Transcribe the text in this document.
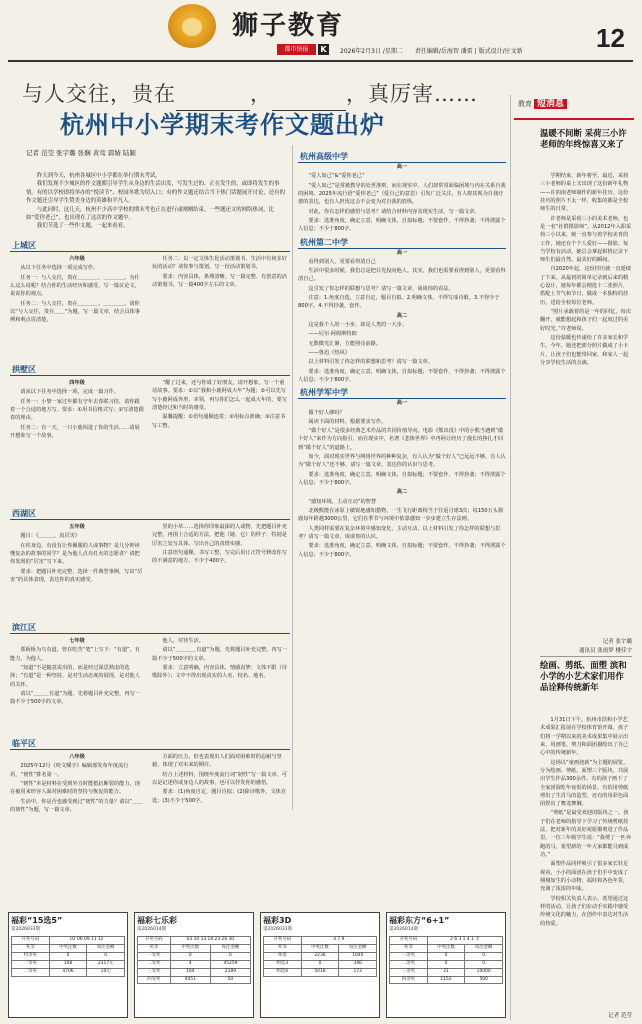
狮子教育
都市快报	K	2026年2月3日 /星期二　　责任编辑/岳海智 潘雷 | 版式设计/庄文新	12
与人交往，贵在	，	，真厉害……
杭州中小学期末考作文题出炉
记者 范莹 张宇璐 张娴 黄鸾 郭婧 陆颖

昨天到今天，杭州各城区中小学都在举行期末考试。

我们发现不少城区的作文题都引导学生从身边的生活出发，写发生过的、正在发生的，或即将发生的事情。有的以学校即将举办的“悦读节”、校园冬歌为切入口；有的作文题还结合当下热门话题展开讨论，还有的作文题还引导学生赞美身边的英雄和平凡人。

与此同时，这几天，杭州不少高中学校的期末考也正在进行或刚刚结束。一些题还文的网络热词，比如“爱你老己”，也出现在了这次的作文题中。

我们节选了一些作文题，一起来看看。

上城区

六年级

从以下任务中选择一项完成写作。

任务一：与人交往，贵在＿＿＿＿、＿＿＿＿。为什么这么说呢？结合你的生活经历和感受，写一篇议论文，说说你的观点。

任务二：与人交往，贵在＿＿＿＿、＿＿＿＿。请你以“与人交往，贵在＿＿”为题，写一篇文章，结合具体事例和观点说清楚。

任务二：以一定文体生化活动策划书，生活中有何多好玩的活动？请你参与策划，写一份活动策划书。

要求：内容具体，条理清晰，写一篇完整、有创意的活动策划书，写一篇400字左右的文章。

拱墅区

四年级

请从以下任务中选择一项，完成一篇习作。

任务一：小黎一家过年都有守年去春联习俗，请你跟着一个合适的地方写。要求：①用书信格式写；②写清楚跟春的理由。

任务二：有一天，一只小鹿闯进了你的生活……请展开想象写一个故事。

“醒了过来，还与你成了好朋友。请开想象，写一个童话故事。要求：①以“我和小鹿阿成大年”为题；②可以先写写小鹿阿成外形，本领，再写你们怎么一起成大年的，要写清楚经过和当时的感受。

温馨提醒：①语句通顺连贯；②用标点准确；③注意书写工整。

西湖区

五年级

题目：《＿＿＿，真厉害》

在你身边，有没有让你佩服的人或事物？是几分钟读懂复杂的故事的同学？是为他人点亮灯火的志愿者？请把你发现的“厉害”写下来。

要求：把题目补充完整，选择一件典型事例，写出“厉害”的具体表现，表达你的真实感受。

里的小草……选择你印象最深的人或物，先把题目补充完整，再围上合适的方法，把他（她、它）的样子、特别是厉害之处写具体，写出自己的真情实感。

注意语句通顺，书写工整，写完后用订正符号修改你写的不满意的地方，不少于400字。

滨江区

七年级

郑板桥为乌有道，曾在吃苦“笔”上写下：“有道”，有能力，为他人。

“知道”不是随意说出的，而是经过深思熟虑的选择；“有道”是一种坚持，是对生活态度的展现，是对他人的关怀。

请以“＿＿＿有道”为题，先将题目补充完整，再写一篇不少于500字的文章。

他人，对待生活。

请以“＿＿＿＿有道”为题，先将题目补充完整，再写一篇不少于500字的文章。

要求：立意明确，内容具体，情感真挚；文体不限（诗歌除外）；文中不得出现真实的人名、校名、地名。

临平区

八年级

2025年12月《咬文嚼字》编辑部发布年度流行语，“韧性”排名第一。

“韧性”本是材料在受到外力时能抵抗断裂的能力，现在被用来形容人面对困难时的坚持与恢复的能力。

生活中，你是否也感受到过“韧性”的力量？请以“＿＿的韧性”为题，写一篇文章。

方面的压力，但也表现出人们面对困难时的忍耐与坚毅，体现了对未来的期许。

结合上述材料，围绕年度流行词“韧性”写一篇文章，可以是记述你或身边人的故事，也可以抒发你的感悟。

要求：(1)角度自定，题目自拟；(2)除诗歌外，文体自选；(3)不少于500字。

杭州高级中学

高一

“爱人如己”&“爱你老己”

“爱人如己”是常被教导的处世准则，而在现实中，人们却常常面临困境与内在关系自我的困境。2025年流行语“爱你老己”（爱自己的意思）引发广泛关注，有人将其视为自我疗愈的表达，也有人担忧这会不会变为对自我的放纵。

对此，你有怎样的感悟与思考？请结合材料内容及现实生活，写一篇文章。

要求：选准角度，确定立意，明确文体，自拟标题；不要套作，不得抄袭；不得泄露个人信息；不少于800字。

杭州第二中学

高一

看得到别人，更要看得清自己

生活中很多时候，我们总是把目光投向他人。其实，我们也需要看得到别人，更要看得清自己。

这引发了你怎样的联想与思考？请写一篇文章，谈谈你的看法。

注意：1.角度自选，立意自定，题目自拟。2.明确文体，不得写成诗歌。3.不得少于800字。4.不得抄袭，套作。

高二

这是我个人的一小步，却是人类的一大步。

——尼尔·阿姆斯特朗

无数微光汇聚，方能照亮前路。

——鲁迅《热风》

以上材料引发了你怎样的联想和思考？请写一篇文章。

要求：选准角度，确定立意，明确文体，自拟标题；不要套作，不得抄袭；不得泄露个人信息；不少于800字。

杭州学军中学

高一

做个好人够吗？

阅读下面的材料，根据要求写作。

“做个好人”是很多经典艺术作品的共同价值导向。电影《熊出没》中的小熊当遇到“做个好人”来作为方向指引，而在现实中，名著《悲惨世界》中冉阿让经历了漫长的挣扎才回到“做个好人”的道路上。

如今，面对现实世界与网络世界的种种复杂，有人认为“做个好人”已远远不够，有人认为“做个好人”还不够。请写一篇文章，表达你的认识与思考。

要求：选准角度，确定立意，明确文体，自拟标题；不要套作，不得抄袭；不得泄露个人信息；不少于800字。

高二

“感知环境，主动互动”的智慧

北极熊能在冰原上敏锐地感知猎物，一生飞行距离相当于往返月球3次；每150万头驯鹿每年跨越3000公里，它们在季节与环境中依靠感知一步步建立生存法则。

人类同样需要在复杂环境中感知变化，主动互动。以上材料引发了你怎样的联想与思考？请写一篇文章，谈谈你的认识。

要求：选准角度，确定立意，明确文体，自拟标题；不要套作，不得抄袭；不得泄露个人信息；不少于800字。

教育 短消息
温暖不间断 采荷三小许老师的年终惊喜又来了

学期结束，新年将至。最近，采荷三小老师的桌上又出现了这份新年礼物——许润南老师制作的新年挂历。这份挂历的照片不太一样，收集的都是全校师生的日常。

许老师是采荷三小的美术老师，也是一名“社群摄影师”。从2012年入职采荷三小以来，她一直参与着学校美育的工作，她还有个个人爱好——摄影。每当学校有活动，她总会拿起相机记录下师生们最自然、最美好的瞬间。

自2020年起，这份挂历就一直延续了下来。从最初的简单记录到后来的精心设计，她每年都会精选十二张照片，搭配上节气和节日，做成一本独特的挂历，送给全校每位老师。

“照片承载着的是一年的回忆，每次翻开，就能想起和孩子们一起度过的美好时光。”许老师说。

这份温暖也传递给了许多家长和学生。今年，她还把部分照片做成了小卡片，让孩子们也能带回家，和家人一起分享学校生活的点滴。

记者 张宇璐
通讯员 张雨梦 楼佳宇
绘画、剪纸、面塑 滨和小学的小艺术家们用作品诠释传统新年

1月31日下午，杭州市滨和小学艺术成果汇报展在学校体育馆开幕。孩子们将一学期以来的美术成果集中展示出来，用画笔、剪刀和面团描绘出了自己心中的传统新年。

这场以“童画迎新”为主题的展览，分为绘画、剪纸、面塑三个版块，共展出学生作品300余件。有的孩子画下了全家团圆吃年夜饭的场景，有的用剪纸剪出了生肖马的造型，还有的用彩色面团捏出了舞龙舞狮。

“剪纸”是最受欢迎的版块之一。孩子们在老师的指导下学习了传统剪纸技法，把对新年的美好祝愿都剪进了作品里。一位三年级学生说：“我剪了一匹奔跑的马，希望新的一年大家都能马到成功。”

面塑作品同样吸引了很多家长驻足观看。小小的面团在孩子们手中变成了栩栩如生的小动物、福娃和各色年货，充满了浓浓的年味。

学校相关负责人表示，希望通过这样的活动，让孩子们在动手实践中感受传统文化的魅力，在创作中表达对生活的热爱。

记者 范莹
福彩“15选5”
第2026033期
开奖号码	02 06 09 11 12	
奖等	中奖注数	每注金额
特等奖	0	0
一等奖	108	2317元
二等奖	4706	10元
福彩七乐彩
第2026014期
开奖号码	03 10 13 18 23 26 30	
奖等	中奖注数	每注金额
一等奖	0	0
二等奖	4	45259
三等奖	104	2189
四等奖	4451	50
福彩3D
第2026033期
开奖号码	4 7 9	
奖等	中奖注数	每注金额
单选	2236	1040
组选3	0	346
组选6	5018	173
福彩东方“6+1”
第2026014期
开奖号码	2 6 3 1 4 1 羊	
奖等	中奖注数	每注金额
一等奖	0	0
二等奖	0	0
三等奖	21	10000
四等奖	1152	500
